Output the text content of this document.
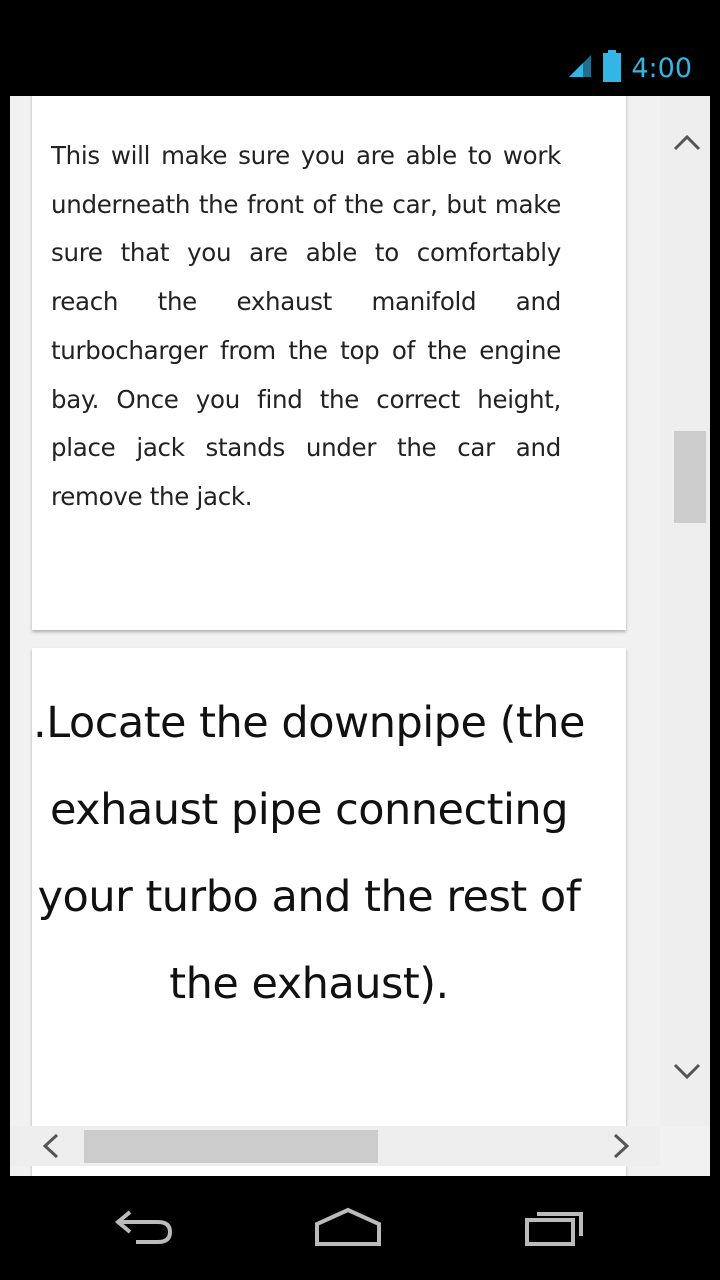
4:00
This will make sure you are able to work underneath the front of the car, but make sure that you are able to comfortably reach the exhaust manifold and turbocharger from the top of the engine bay. Once you find the correct height, place jack stands under the car and remove the jack.
.Locate the downpipe (the exhaust pipe connecting your turbo and the rest of the exhaust).
